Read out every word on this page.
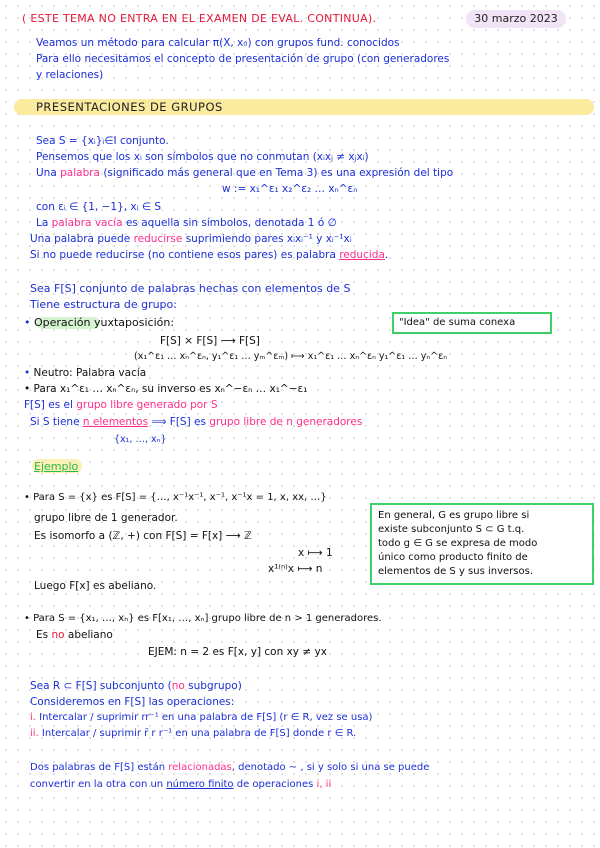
( ESTE TEMA NO ENTRA EN EL EXAMEN DE EVAL. CONTINUA).	30 marzo 2023
Veamos un método para calcular π(X, x₀) con grupos fund. conocidos
Para ello necesitamos el concepto de presentación de grupo (con generadores
y relaciones)
PRESENTACIONES DE GRUPOS
Sea S = {xᵢ}ᵢ∈I conjunto.
Pensemos que los xᵢ son símbolos que no conmutan (xᵢxⱼ ≠ xⱼxᵢ)
Una palabra (significado más general que en Tema 3) es una expresión del tipo
w := x₁^ε₁ x₂^ε₂ … xₙ^εₙ
con εᵢ ∈ {1, −1}, xᵢ ∈ S
La palabra vacía es aquella sin símbolos, denotada 1 ó ∅
Una palabra puede reducirse suprimiendo pares xᵢxᵢ⁻¹ y xᵢ⁻¹xᵢ
Si no puede reducirse (no contiene esos pares) es palabra reducida.
Sea F[S] conjunto de palabras hechas con elementos de S
Tiene estructura de grupo:
• Operación yuxtaposición:	"Idea" de suma conexa
F[S] × F[S] ⟶ F[S]
(x₁^ε₁ … xₙ^εₙ, y₁^ε₁ … yₘ^εₘ) ⟼ x₁^ε₁ … xₙ^εₙ y₁^ε₁ … yₙ^εₙ
• Neutro: Palabra vacía
• Para x₁^ε₁ … xₙ^εₙ, su inverso es xₙ^−εₙ … x₁^−ε₁
F[S] es el grupo libre generado por S
Si S tiene n elementos ⟹ F[S] es grupo libre de n generadores
{x₁, …, xₙ}
Ejemplo
• Para S = {x} es F[S] = {…, x⁻¹x⁻¹, x⁻¹, x⁻¹x = 1, x, xx, …}
grupo libre de 1 generador.
Es isomorfo a (ℤ, +) con F[S] = F[x] ⟶ ℤ
x ⟼ 1
x¹⁽ⁿ⁾x ⟼ n
Luego F[x] es abeliano.
En general, G es grupo libre si
existe subconjunto S ⊂ G t.q.
todo g ∈ G se expresa de modo
único como producto finito de
elementos de S y sus inversos.
• Para S = {x₁, …, xₙ} es F[x₁, …, xₙ] grupo libre de n > 1 generadores.
Es no abeliano
EJEM: n = 2 es F[x, y] con xy ≠ yx
Sea R ⊂ F[S] subconjunto (no subgrupo)
Consideremos en F[S] las operaciones:
i. Intercalar / suprimir rr⁻¹ en una palabra de F[S] (r ∈ R, vez se usa)
ii. Intercalar / suprimir r̄ r r⁻¹ en una palabra de F[S] donde r ∈ R.
Dos palabras de F[S] están relacionadas, denotado ∼ , si y solo si una se puede
convertir en la otra con un número finito de operaciones i, ii
